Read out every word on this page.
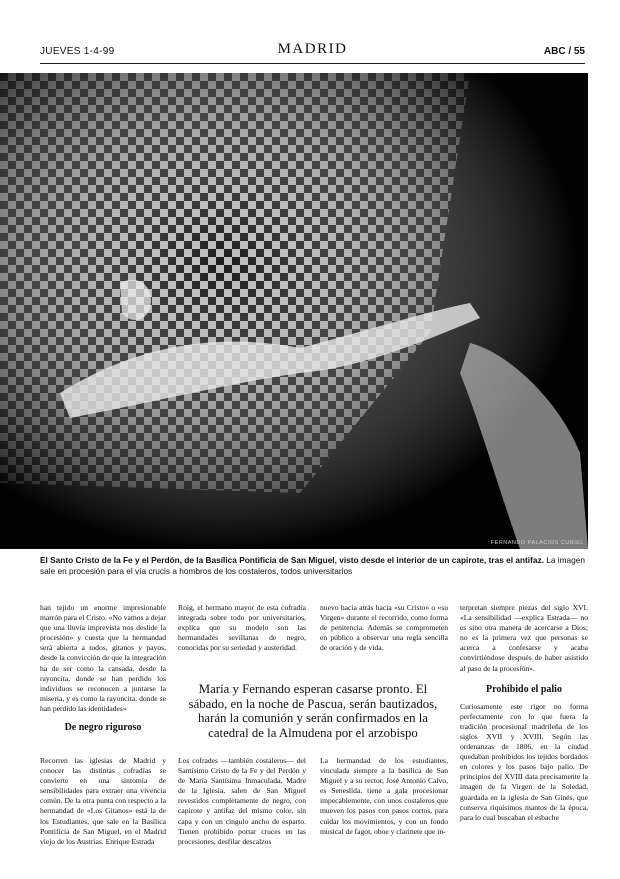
JUEVES 1-4-99	MADRID	ABC / 55
FERNANDO PALACIOS CURIEL
El Santo Cristo de la Fe y el Perdón, de la Basílica Pontificia de San Miguel, visto desde el interior de un capirote, tras el antifaz. La imagen sale en procesión para el vía crucis a hombros de los costaleros, todos universitarios

han tejido un enorme impresionable marrón para el Cristo. «No vamos a dejar que una lluvia imprevista nos deslide la procesión» y cuesta que la hermandad será abierta a todos, gitanos y payos, desde la convicción de que la integración ha de ser como la cansada, desde la rayoncita, donde se han perdido los individuos se reconocen a juntarse la miseria, y es como la rayoncita, donde se han perdido las identidades»

De negro riguroso

Roig, el hermano mayor de esta cofradía integrada sobre todo por universitarios, explica que su modelo son las hermandades sevillanas de negro, conocidas por su seriedad y austeridad.

nuevo hacia atrás hacia «su Cristo» o «su Virgen» durante el recorrido, como forma de penitencia. Además se comprometen en público a observar una regla sencilla de oración y de vida.

terpretan siempre piezas del siglo XVI. «La sensibilidad —explica Estrada— no es sino otra manera de acercarse a Dios; no es la primera vez que personas se acerca a confesarse y acaba convirtiéndose después de haber asistido al paso de la procesión».

Prohibido el palio

Curiosamente este rigor no forma perfectamente con lo que fuera la tradición procesional madrileña de los siglos XVII y XVIII. Según las ordenanzas de 1806, en la ciudad quedaban prohibidos los tejidos bordados en colores y los pasos bajo palio. De principios del XVIII data precisamente la imagen de la Virgen de la Soledad, guardada en la iglesia de San Ginés, que conserva riquísimos mantos de la época, para lo cual buscaban el esbache

María y Fernando esperan casarse pronto. El sábado, en la noche de Pascua, serán bautizados, harán la comunión y serán confirmados en la catedral de la Almudena por el arzobispo
Recorren las iglesias de Madrid y conocer las distintas cofradías se convierte en una sintomía de sensibilidades para extraer una vivencia común. De la otra punta con respecto a la hermandad de «Los Gitanos» está la de los Estudiantes, que sale en la Basílica Pontificia de San Miguel, en el Madrid viejo de los Austrias. Enrique Estrada
Los cofrades —también costaleros— del Santísimo Cristo de la Fe y del Perdón y de María Santísima Inmaculada, Madre de la Iglesia, salen de San Miguel revestidos completamente de negro, con capirote y antifaz del mismo color, sin capa y con un cíngulo ancho de esparto. Tienen prohibido portar cruces en las procesiones, desfilar descalzos
La hermandad de los estudiantes, vinculada siempre a la basílica de San Miguel y a su rector, José Antonio Calvo, es Seneslida, tiene a gala procesionar impecablemente, con unos costaleros que mueven los pasos con pasos cortos, para cuidar los movimientos, y con un fondo musical de fagot, oboe y clarinete que in-
